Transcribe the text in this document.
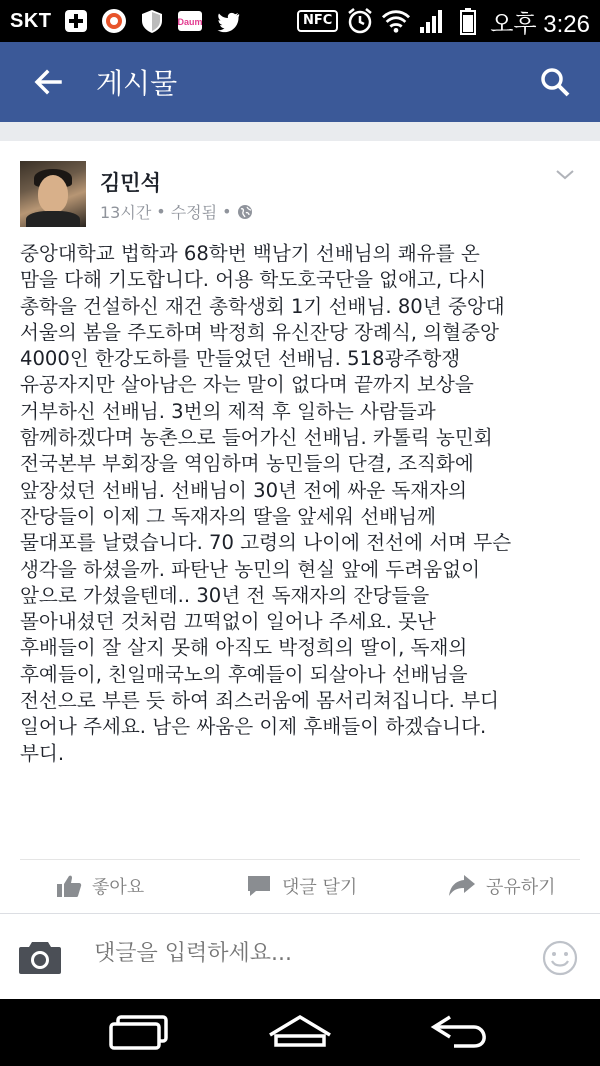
SKT	Daum	NFC	오후 3:26
게시물
김민석
13시간 • 수정됨 •
중앙대학교 법학과 68학번 백남기 선배님의 쾌유를 온
맘을 다해 기도합니다. 어용 학도호국단을 없애고, 다시
총학을 건설하신 재건 총학생회 1기 선배님. 80년 중앙대
서울의 봄을 주도하며 박정희 유신잔당 장례식, 의혈중앙
4000인 한강도하를 만들었던 선배님. 518광주항쟁
유공자지만 살아남은 자는 말이 없다며 끝까지 보상을
거부하신 선배님. 3번의 제적 후 일하는 사람들과
함께하겠다며 농촌으로 들어가신 선배님. 카톨릭 농민회
전국본부 부회장을 역임하며 농민들의 단결, 조직화에
앞장섰던 선배님. 선배님이 30년 전에 싸운 독재자의
잔당들이 이제 그 독재자의 딸을 앞세워 선배님께
물대포를 날렸습니다. 70 고령의 나이에 전선에 서며 무슨
생각을 하셨을까. 파탄난 농민의 현실 앞에 두려움없이
앞으로 가셨을텐데.. 30년 전 독재자의 잔당들을
몰아내셨던 것처럼 끄떡없이 일어나 주세요. 못난
후배들이 잘 살지 못해 아직도 박정희의 딸이, 독재의
후예들이, 친일매국노의 후예들이 되살아나 선배님을
전선으로 부른 듯 하여 죄스러움에 몸서리쳐집니다. 부디
일어나 주세요. 남은 싸움은 이제 후배들이 하겠습니다.
부디.
좋아요	댓글 달기	공유하기
댓글을 입력하세요...
